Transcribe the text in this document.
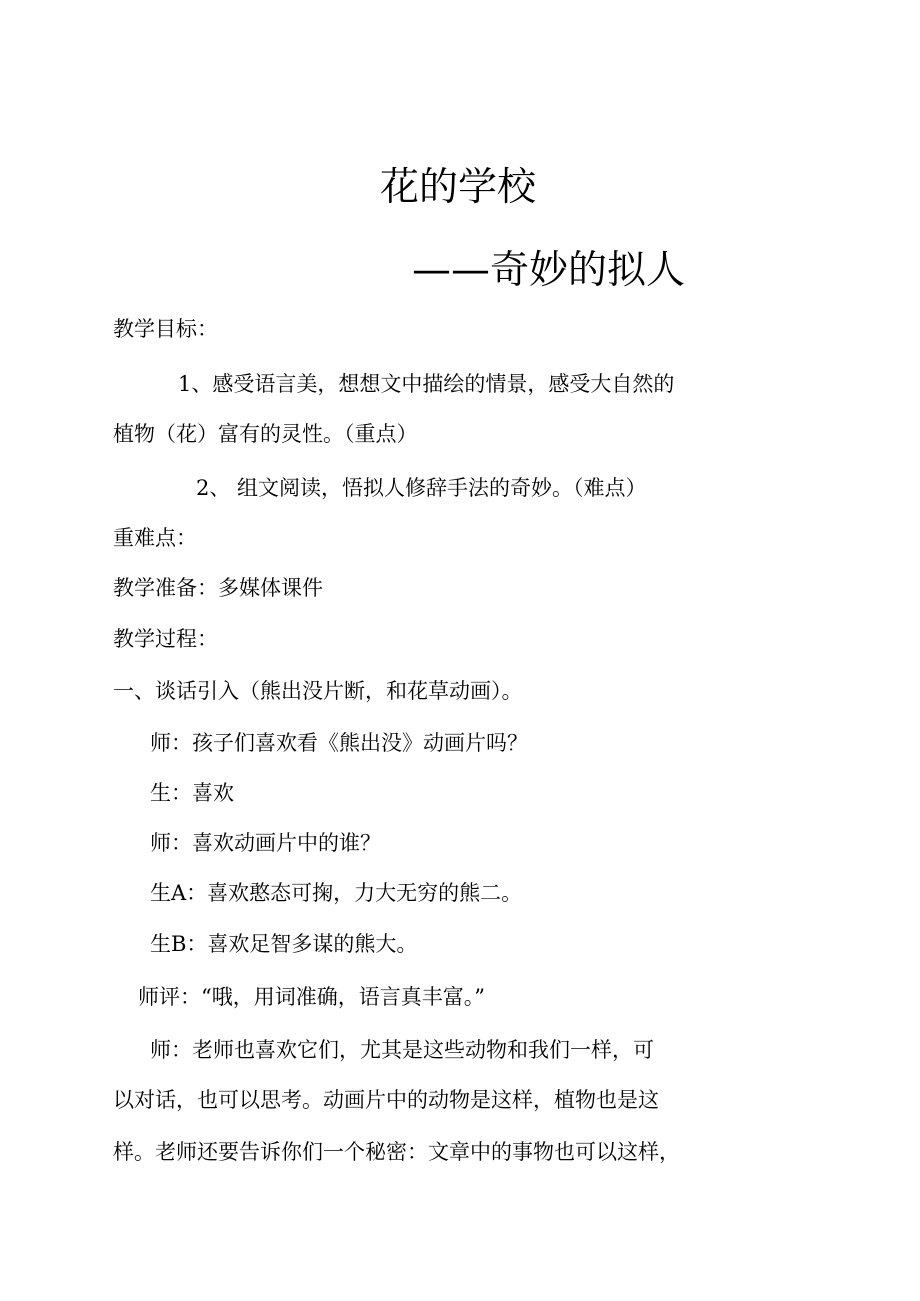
花的学校
——奇妙的拟人

教学目标：

1、感受语言美，想想文中描绘的情景，感受大自然的

植物（花）富有的灵性。（重点）

2、 组文阅读，悟拟人修辞手法的奇妙。（难点）

重难点：

教学准备：多媒体课件

教学过程：

一、谈话引入（熊出没片断，和花草动画）。

师：孩子们喜欢看《熊出没》动画片吗？

生：喜欢

师：喜欢动画片中的谁？

生A：喜欢憨态可掬，力大无穷的熊二。

生B：喜欢足智多谋的熊大。

师评：“哦，用词准确，语言真丰富。”

师：老师也喜欢它们，尤其是这些动物和我们一样，可

以对话，也可以思考。动画片中的动物是这样，植物也是这

样。老师还要告诉你们一个秘密：文章中的事物也可以这样，
